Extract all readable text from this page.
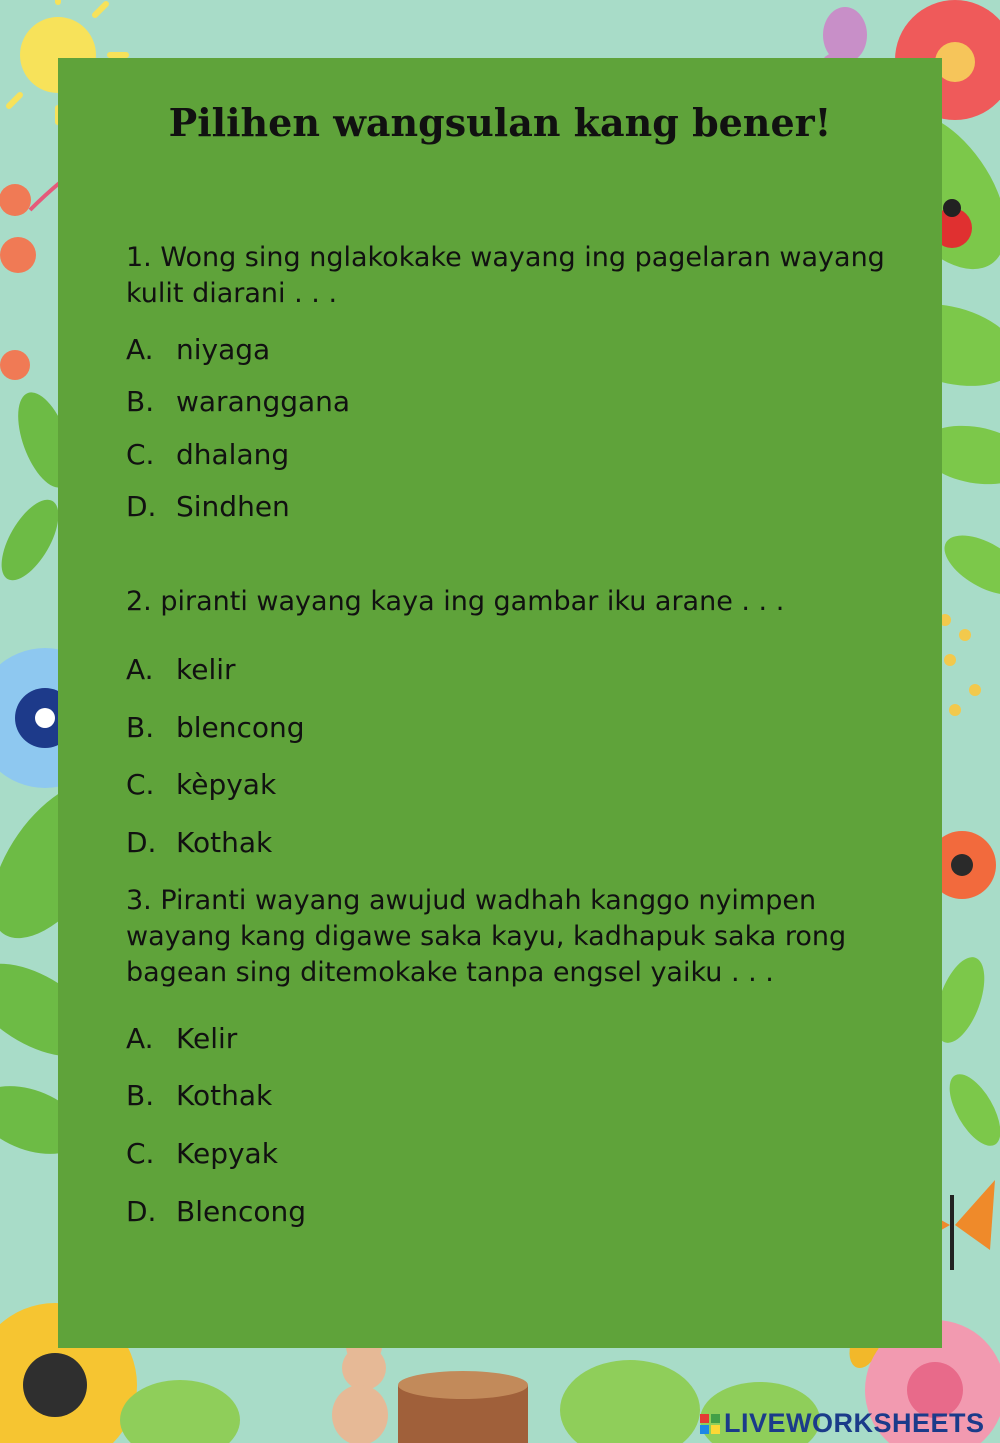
Pilihen wangsulan kang bener!
1. Wong sing nglakokake wayang ing pagelaran wayang kulit diarani . . .
A. niyaga
B. waranggana
C. dhalang
D. Sindhen
2. piranti wayang kaya ing gambar iku arane . . .
A. kelir
B. blencong
C. kèpyak
D. Kothak
3. Piranti wayang awujud wadhah kanggo nyimpen wayang kang digawe saka kayu, kadhapuk saka rong bagean sing ditemokake tanpa engsel yaiku . . .
A. Kelir
B. Kothak
C. Kepyak
D. Blencong
LIVEWORKSHEETS
